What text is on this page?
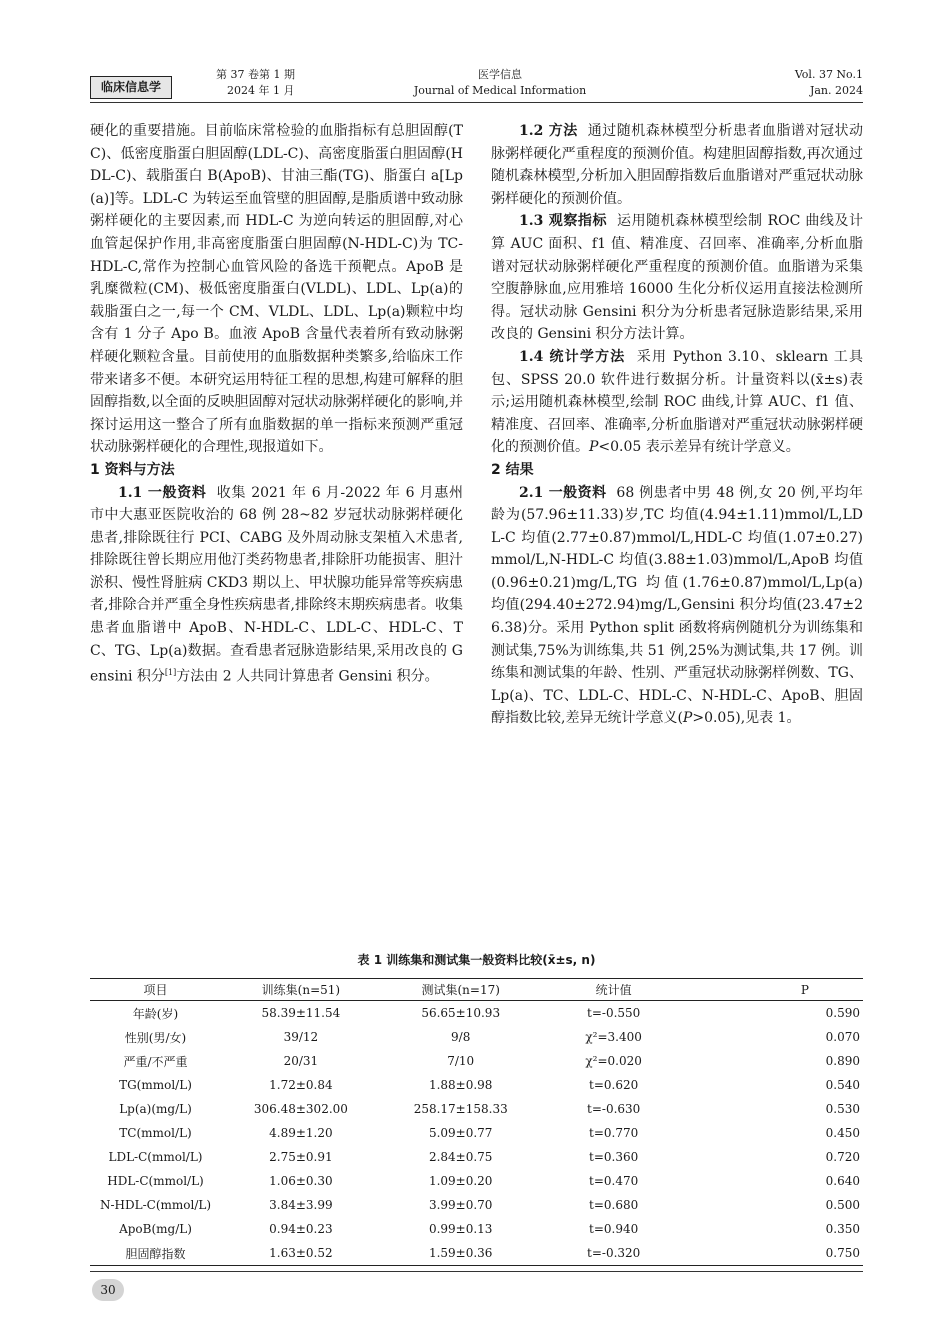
临床信息学
第 37 卷第 1 期
2024 年 1 月
医学信息
Journal of Medical Information
Vol. 37 No.1
Jan. 2024

硬化的重要措施。目前临床常检验的血脂指标有总胆固醇(TC)、低密度脂蛋白胆固醇(LDL-C)、高密度脂蛋白胆固醇(HDL-C)、载脂蛋白 B(ApoB)、甘油三酯(TG)、脂蛋白 a[Lp(a)]等。LDL-C 为转运至血管壁的胆固醇,是脂质谱中致动脉粥样硬化的主要因素,而 HDL-C 为逆向转运的胆固醇,对心血管起保护作用,非高密度脂蛋白胆固醇(N-HDL-C)为 TC-HDL-C,常作为控制心血管风险的备选干预靶点。ApoB 是乳糜微粒(CM)、极低密度脂蛋白(VLDL)、LDL、Lp(a)的载脂蛋白之一,每一个 CM、VLDL、LDL、Lp(a)颗粒中均含有 1 分子 Apo B。血液 ApoB 含量代表着所有致动脉粥样硬化颗粒含量。目前使用的血脂数据种类繁多,给临床工作带来诸多不便。本研究运用特征工程的思想,构建可解释的胆固醇指数,以全面的反映胆固醇对冠状动脉粥样硬化的影响,并探讨运用这一整合了所有血脂数据的单一指标来预测严重冠状动脉粥样硬化的合理性,现报道如下。

1 资料与方法

1.1 一般资料 收集 2021 年 6 月-2022 年 6 月惠州市中大惠亚医院收治的 68 例 28~82 岁冠状动脉粥样硬化患者,排除既往行 PCI、CABG 及外周动脉支架植入术患者,排除既往曾长期应用他汀类药物患者,排除肝功能损害、胆汁淤积、慢性肾脏病 CKD3 期以上、甲状腺功能异常等疾病患者,排除合并严重全身性疾病患者,排除终末期疾病患者。收集患者血脂谱中 ApoB、N-HDL-C、LDL-C、HDL-C、TC、TG、Lp(a)数据。查看患者冠脉造影结果,采用改良的 Gensini 积分[1]方法由 2 人共同计算患者 Gensini 积分。

1.2 方法 通过随机森林模型分析患者血脂谱对冠状动脉粥样硬化严重程度的预测价值。构建胆固醇指数,再次通过随机森林模型,分析加入胆固醇指数后血脂谱对严重冠状动脉粥样硬化的预测价值。

1.3 观察指标 运用随机森林模型绘制 ROC 曲线及计算 AUC 面积、f1 值、精准度、召回率、准确率,分析血脂谱对冠状动脉粥样硬化严重程度的预测价值。血脂谱为采集空腹静脉血,应用雅培 16000 生化分析仪运用直接法检测所得。冠状动脉 Gensini 积分为分析患者冠脉造影结果,采用改良的 Gensini 积分方法计算。

1.4 统计学方法 采用 Python 3.10、sklearn 工具包、SPSS 20.0 软件进行数据分析。计量资料以(x̄±s)表示;运用随机森林模型,绘制 ROC 曲线,计算 AUC、f1 值、精准度、召回率、准确率,分析血脂谱对严重冠状动脉粥样硬化的预测价值。P<0.05 表示差异有统计学意义。

2 结果

2.1 一般资料 68 例患者中男 48 例,女 20 例,平均年龄为(57.96±11.33)岁,TC 均值(4.94±1.11)mmol/L,LDL-C 均值(2.77±0.87)mmol/L,HDL-C 均值(1.07±0.27)mmol/L,N-HDL-C 均值(3.88±1.03)mmol/L,ApoB 均值(0.96±0.21)mg/L,TG 均值(1.76±0.87)mmol/L,Lp(a)均值(294.40±272.94)mg/L,Gensini 积分均值(23.47±26.38)分。采用 Python split 函数将病例随机分为训练集和测试集,75%为训练集,共 51 例,25%为测试集,共 17 例。训练集和测试集的年龄、性别、严重冠状动脉粥样例数、TG、Lp(a)、TC、LDL-C、HDL-C、N-HDL-C、ApoB、胆固醇指数比较,差异无统计学意义(P>0.05),见表 1。

表 1 训练集和测试集一般资料比较(x̄±s, n)
项目	训练集(n=51)	测试集(n=17)	统计值	P
年龄(岁)	58.39±11.54	56.65±10.93	t=-0.550	0.590
性别(男/女)	39/12	9/8	χ²=3.400	0.070
严重/不严重	20/31	7/10	χ²=0.020	0.890
TG(mmol/L)	1.72±0.84	1.88±0.98	t=0.620	0.540
Lp(a)(mg/L)	306.48±302.00	258.17±158.33	t=-0.630	0.530
TC(mmol/L)	4.89±1.20	5.09±0.77	t=0.770	0.450
LDL-C(mmol/L)	2.75±0.91	2.84±0.75	t=0.360	0.720
HDL-C(mmol/L)	1.06±0.30	1.09±0.20	t=0.470	0.640
N-HDL-C(mmol/L)	3.84±3.99	3.99±0.70	t=0.680	0.500
ApoB(mg/L)	0.94±0.23	0.99±0.13	t=0.940	0.350
胆固醇指数	1.63±0.52	1.59±0.36	t=-0.320	0.750
30
